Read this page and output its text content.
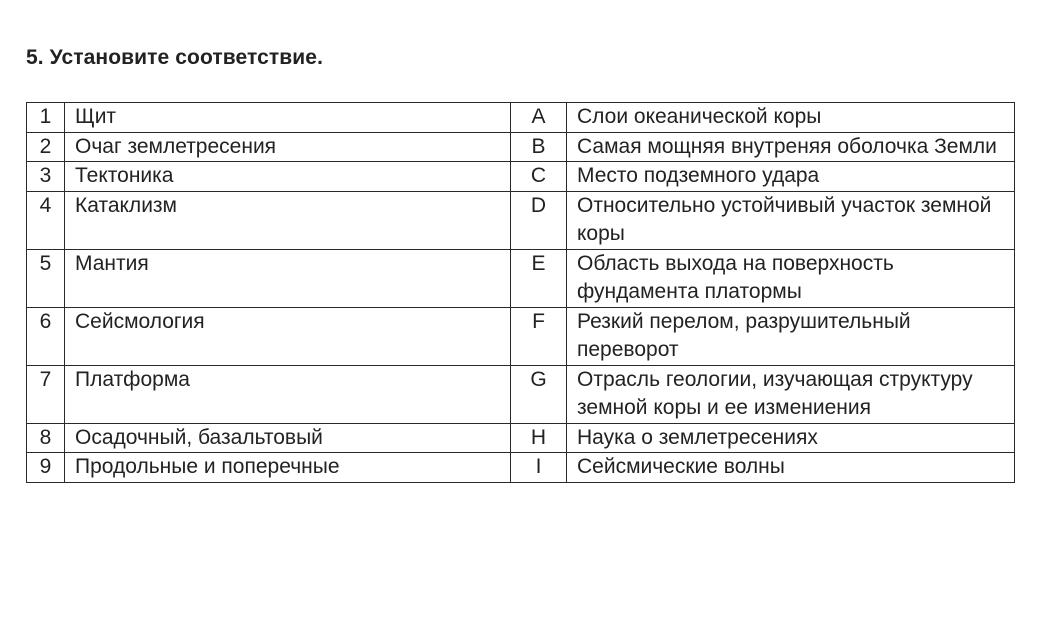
5. Установите соответствие.
1	Щит	A	Слои океанической коры
2	Очаг землетресения	B	Самая мощняя внутреняя оболочка Земли
3	Тектоника	C	Место подземного удара
4	Катаклизм	D	Относительно устойчивый участок земной коры
5	Мантия	E	Область выхода на поверхность фундамента платормы
6	Сейсмология	F	Резкий перелом, разрушительный переворот
7	Платформа	G	Отрасль геологии, изучающая структуру земной коры и ее измениения
8	Осадочный, базальтовый	H	Наука о землетресениях
9	Продольные и поперечные	I	Сейсмические волны
